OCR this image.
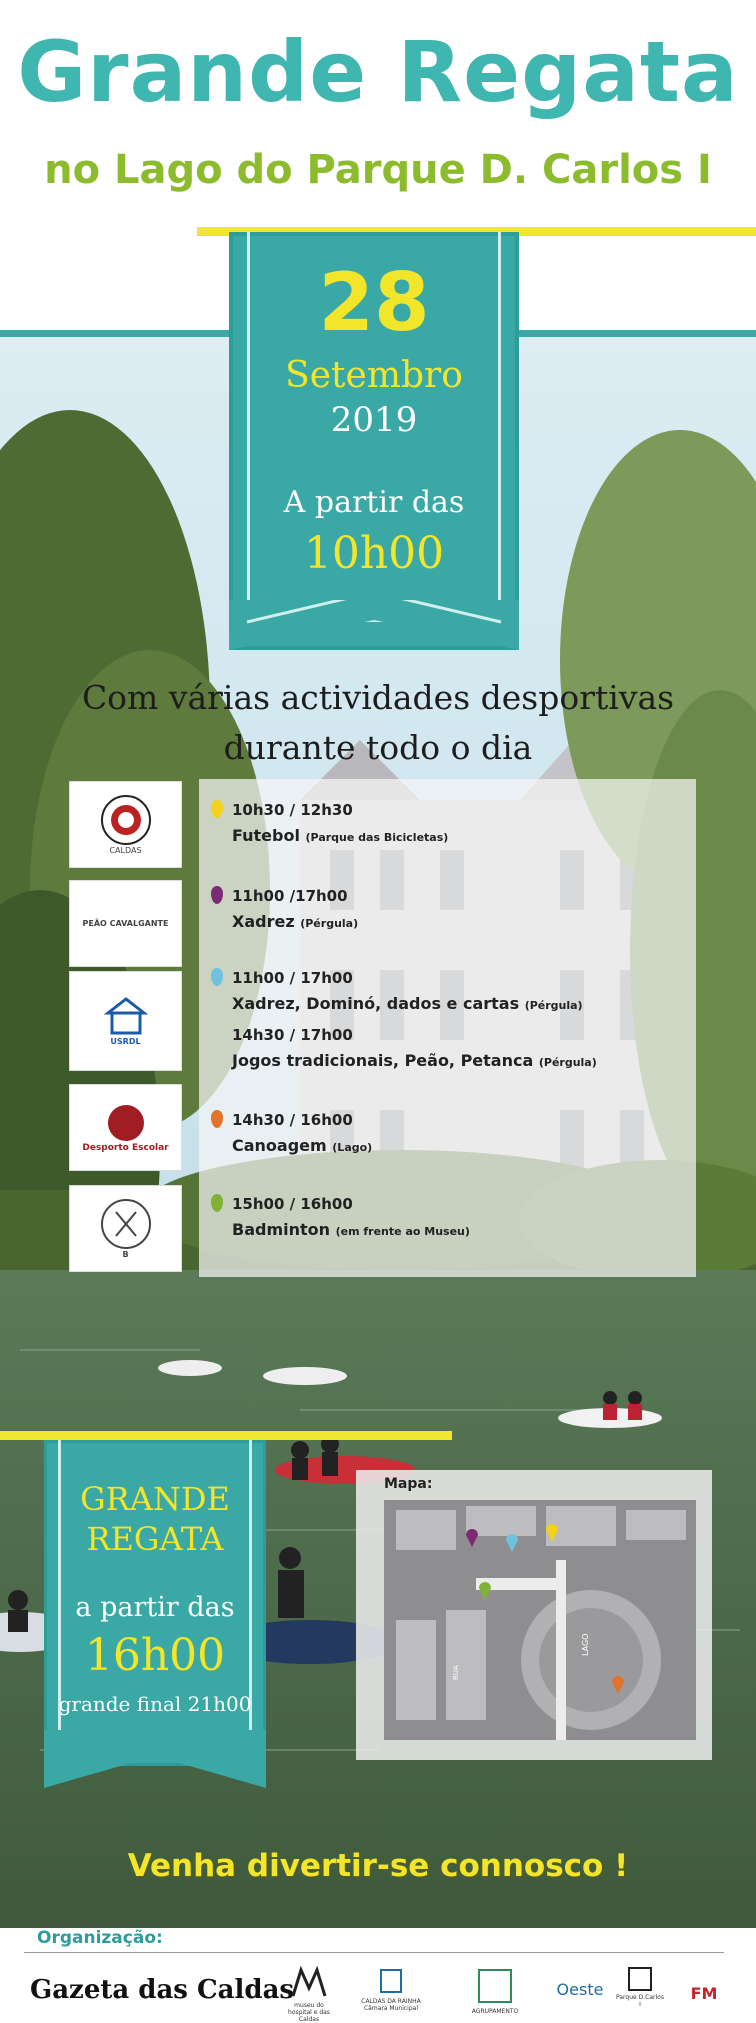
Grande Regata
no Lago do Parque D. Carlos I
28
Setembro
2019
A partir das
10h00
Com várias actividades desportivas
durante todo o dia
CALDAS
PEÃO CAVALGANTE
USRDL
Desporto Escolar
B
10h30 / 12h30
Futebol (Parque das Bicicletas)
11h00 /17h00
Xadrez (Pérgula)
11h00 / 17h00
Xadrez, Dominó, dados e cartas (Pérgula)
14h30 / 17h00
Jogos tradicionais, Peão, Petanca (Pérgula)
14h30 / 16h00
Canoagem (Lago)
15h00 / 16h00
Badminton (em frente ao Museu)
GRANDE
REGATA
a partir das
16h00
grande final 21h00
RUA
LAGO
Mapa:
Venha divertir-se connosco !
Organização:
Gazeta das Caldas
museu do hospital e das Caldas
CALDAS DA RAINHA Câmara Municipal	AGRUPAMENTO
Oeste	Parque D.Carlos I
FM
